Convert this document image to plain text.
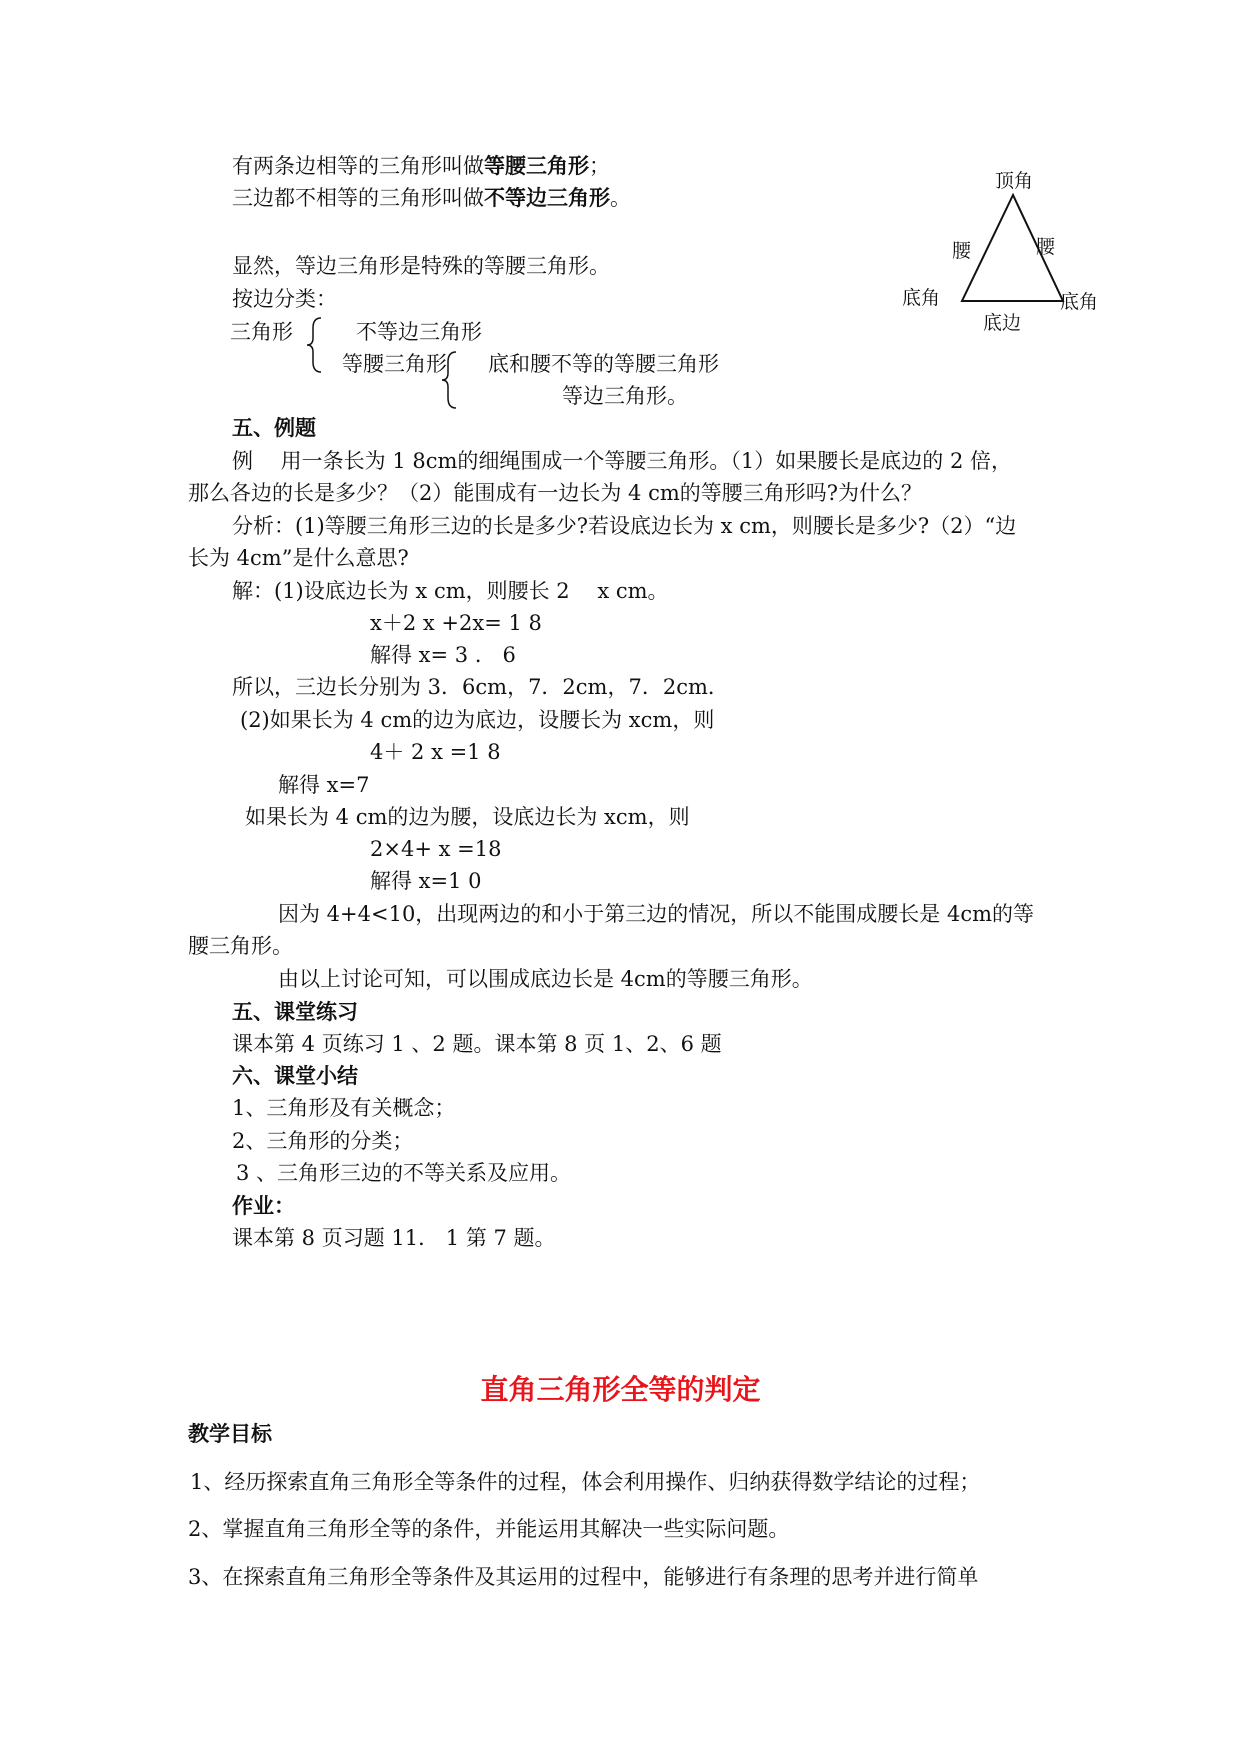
顶角
腰	腰
底角	底角
底边
有两条边相等的三角形叫做等腰三角形；
三边都不相等的三角形叫做不等边三角形。
显然，等边三角形是特殊的等腰三角形。
按边分类：
三角形	不等边三角形
等腰三角形 底和腰不等的等腰三角形
等边三角形。
五、例题
例　 用一条长为 1 8cm的细绳围成一个等腰三角形。（1）如果腰长是底边的 2 倍，
那么各边的长是多少？（2）能围成有一边长为 4 cm的等腰三角形吗?为什么？
分析：(1)等腰三角形三边的长是多少?若设底边长为 x cm，则腰长是多少?（2）“边
长为 4cm”是什么意思?
解：(1)设底边长为 x cm，则腰长 2　 x cm。
x＋2 x +2x= 1 8
解得 x= 3 ． 6
所以，三边长分别为 3．6cm，7．2cm，7．2cm．
(2)如果长为 4 cm的边为底边，设腰长为 xcm，则
4＋ 2 x =1 8
解得 x=7
如果长为 4 cm的边为腰，设底边长为 xcm，则
2×4+ x =18
解得 x=1 0
因为 4+4<10，出现两边的和小于第三边的情况，所以不能围成腰长是 4cm的等
腰三角形。
由以上讨论可知，可以围成底边长是 4cm的等腰三角形。
五、课堂练习
课本第 4 页练习 1 、2 题。课本第 8 页 1、2、6 题
六、课堂小结
1、三角形及有关概念；
2、三角形的分类；
3 、三角形三边的不等关系及应用。
作业：
课本第 8 页习题 11． 1 第 7 题。
直角三角形全等的判定
教学目标
1、经历探索直角三角形全等条件的过程，体会利用操作、归纳获得数学结论的过程；
2、掌握直角三角形全等的条件，并能运用其解决一些实际问题。
3、在探索直角三角形全等条件及其运用的过程中，能够进行有条理的思考并进行简单
